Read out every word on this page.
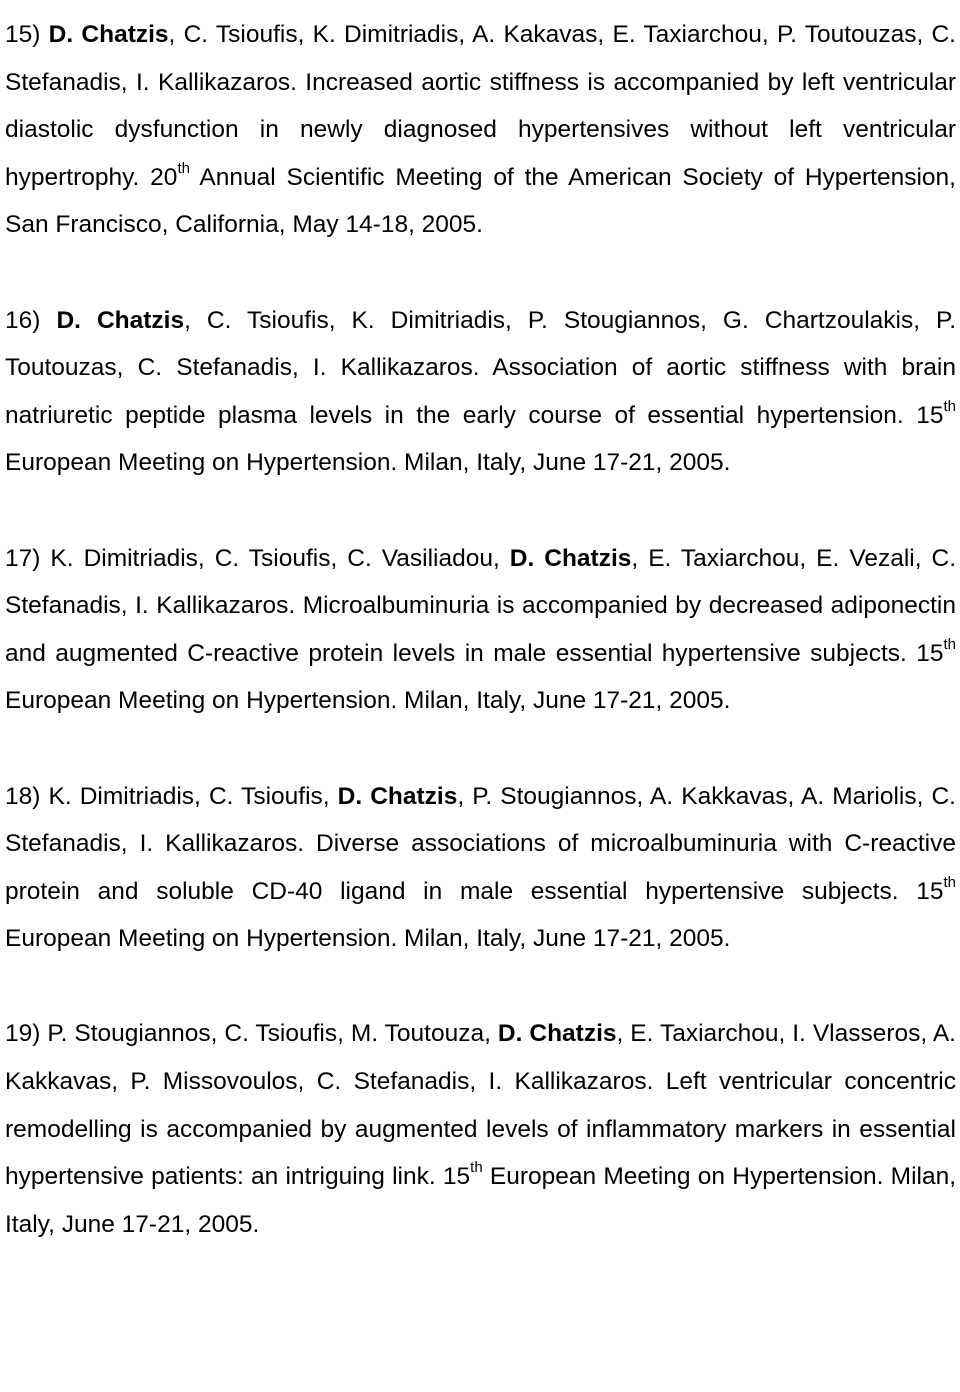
15) D. Chatzis, C. Tsioufis, K. Dimitriadis, A. Kakavas, E. Taxiarchou, P. Toutouzas, C. Stefanadis, I. Kallikazaros. Increased aortic stiffness is accompanied by left ventricular diastolic dysfunction in newly diagnosed hypertensives without left ventricular hypertrophy. 20th Annual Scientific Meeting of the American Society of Hypertension, San Francisco, California, May 14-18, 2005.

16) D. Chatzis, C. Tsioufis, K. Dimitriadis, P. Stougiannos, G. Chartzoulakis, P. Toutouzas, C. Stefanadis, I. Kallikazaros. Association of aortic stiffness with brain natriuretic peptide plasma levels in the early course of essential hypertension. 15th European Meeting on Hypertension. Milan, Italy, June 17-21, 2005.

17) K. Dimitriadis, C. Tsioufis, C. Vasiliadou, D. Chatzis, E. Taxiarchou, E. Vezali, C. Stefanadis, I. Kallikazaros. Microalbuminuria is accompanied by decreased adiponectin and augmented C-reactive protein levels in male essential hypertensive subjects. 15th European Meeting on Hypertension. Milan, Italy, June 17-21, 2005.

18) K. Dimitriadis, C. Tsioufis, D. Chatzis, P. Stougiannos, A. Kakkavas, A. Mariolis, C. Stefanadis, I. Kallikazaros. Diverse associations of microalbuminuria with C-reactive protein and soluble CD-40 ligand in male essential hypertensive subjects. 15th European Meeting on Hypertension. Milan, Italy, June 17-21, 2005.

19) P. Stougiannos, C. Tsioufis, M. Toutouza, D. Chatzis, E. Taxiarchou, I. Vlasseros, A. Kakkavas, P. Missovoulos, C. Stefanadis, I. Kallikazaros. Left ventricular concentric remodelling is accompanied by augmented levels of inflammatory markers in essential hypertensive patients: an intriguing link. 15th European Meeting on Hypertension. Milan, Italy, June 17-21, 2005.
